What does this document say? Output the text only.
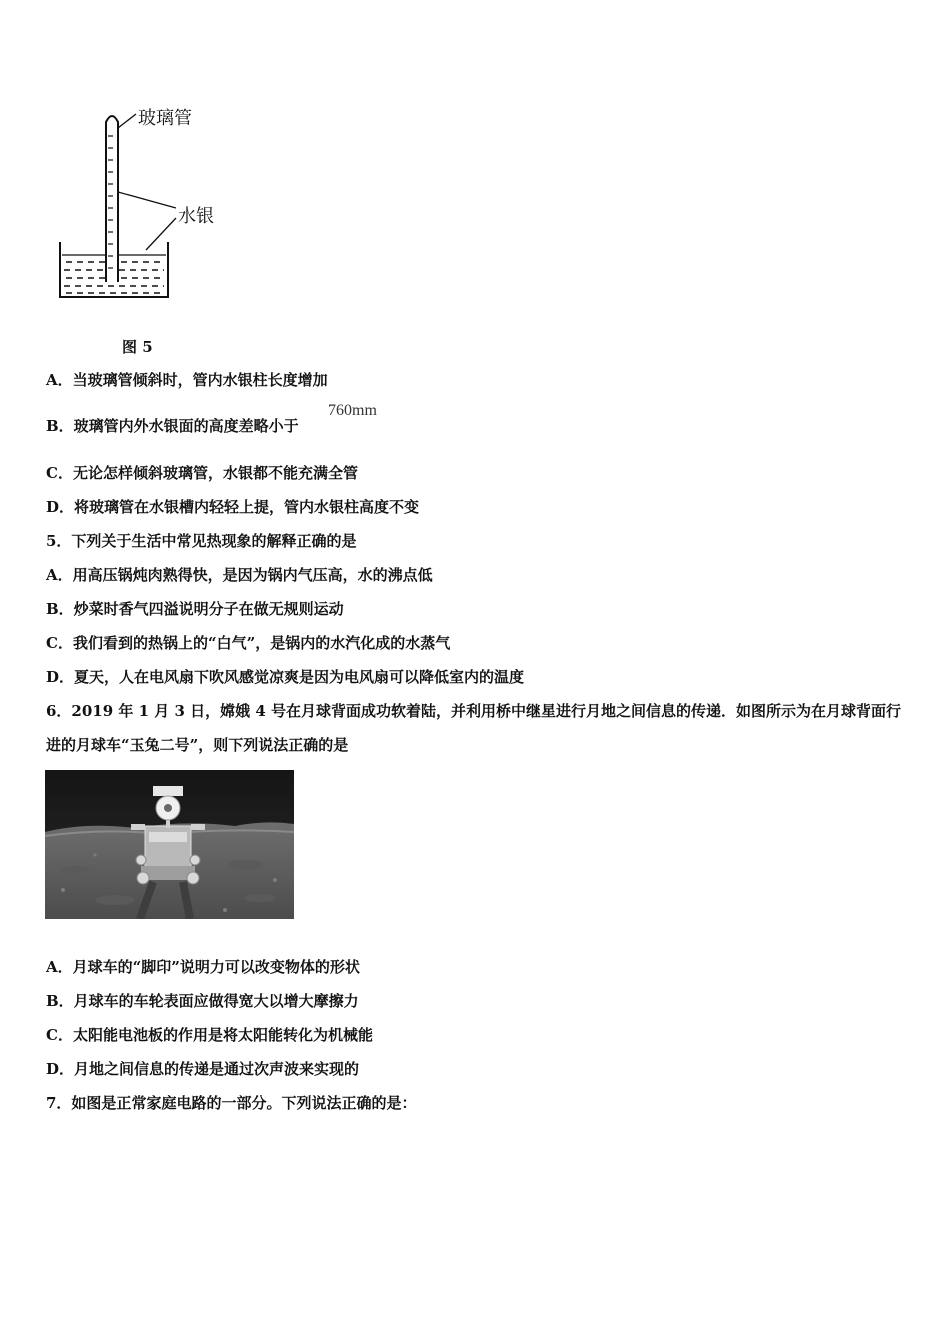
玻璃管
水银
图 5
A．当玻璃管倾斜时，管内水银柱长度增加
B．玻璃管内外水银面的高度差略小于
760mm
C．无论怎样倾斜玻璃管，水银都不能充满全管
D．将玻璃管在水银槽内轻轻上提，管内水银柱高度不变
5．下列关于生活中常见热现象的解释正确的是
A．用高压锅炖肉熟得快，是因为锅内气压高，水的沸点低
B．炒菜时香气四溢说明分子在做无规则运动
C．我们看到的热锅上的“白气”，是锅内的水汽化成的水蒸气
D．夏天，人在电风扇下吹风感觉凉爽是因为电风扇可以降低室内的温度
6．2019 年 1 月 3 日，嫦娥 4 号在月球背面成功软着陆，并利用桥中继星进行月地之间信息的传递．如图所示为在月球背面行进的月球车“玉兔二号”，则下列说法正确的是
A．月球车的“脚印”说明力可以改变物体的形状
B．月球车的车轮表面应做得宽大以增大摩擦力
C．太阳能电池板的作用是将太阳能转化为机械能
D．月地之间信息的传递是通过次声波来实现的
7．如图是正常家庭电路的一部分。下列说法正确的是：
